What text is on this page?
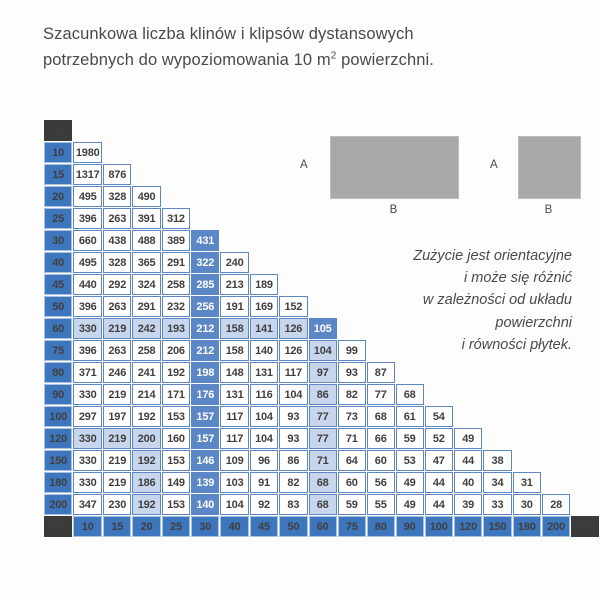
Szacunkowa liczba klinów i klipsów dystansowych
potrzebnych do wypoziomowania 10 $m^2$ powierzchni.
A																		
10	1980																	
15	1317	876																
20	495	328	490															
25	396	263	391	312														
30	660	438	488	389	431													
40	495	328	365	291	322	240												
45	440	292	324	258	285	213	189											
50	396	263	291	232	256	191	169	152										
60	330	219	242	193	212	158	141	126	105									
75	396	263	258	206	212	158	140	126	104	99								
80	371	246	241	192	198	148	131	117	97	93	87							
90	330	219	214	171	176	131	116	104	86	82	77	68						
100	297	197	192	153	157	117	104	93	77	73	68	61	54					
120	330	219	200	160	157	117	104	93	77	71	66	59	52	49				
150	330	219	192	153	146	109	96	86	71	64	60	53	47	44	38			
180	330	219	186	149	139	103	91	82	68	60	56	49	44	40	34	31		
200	347	230	192	153	140	104	92	83	68	59	55	49	44	39	33	30	28	
cm	10	15	20	25	30	40	45	50	60	75	80	90	100	120	150	180	200	B
A
B
A
B
Zużycie jest orientacyjne
i może się różnić
w zależności od układu
powierzchni
i równości płytek.
